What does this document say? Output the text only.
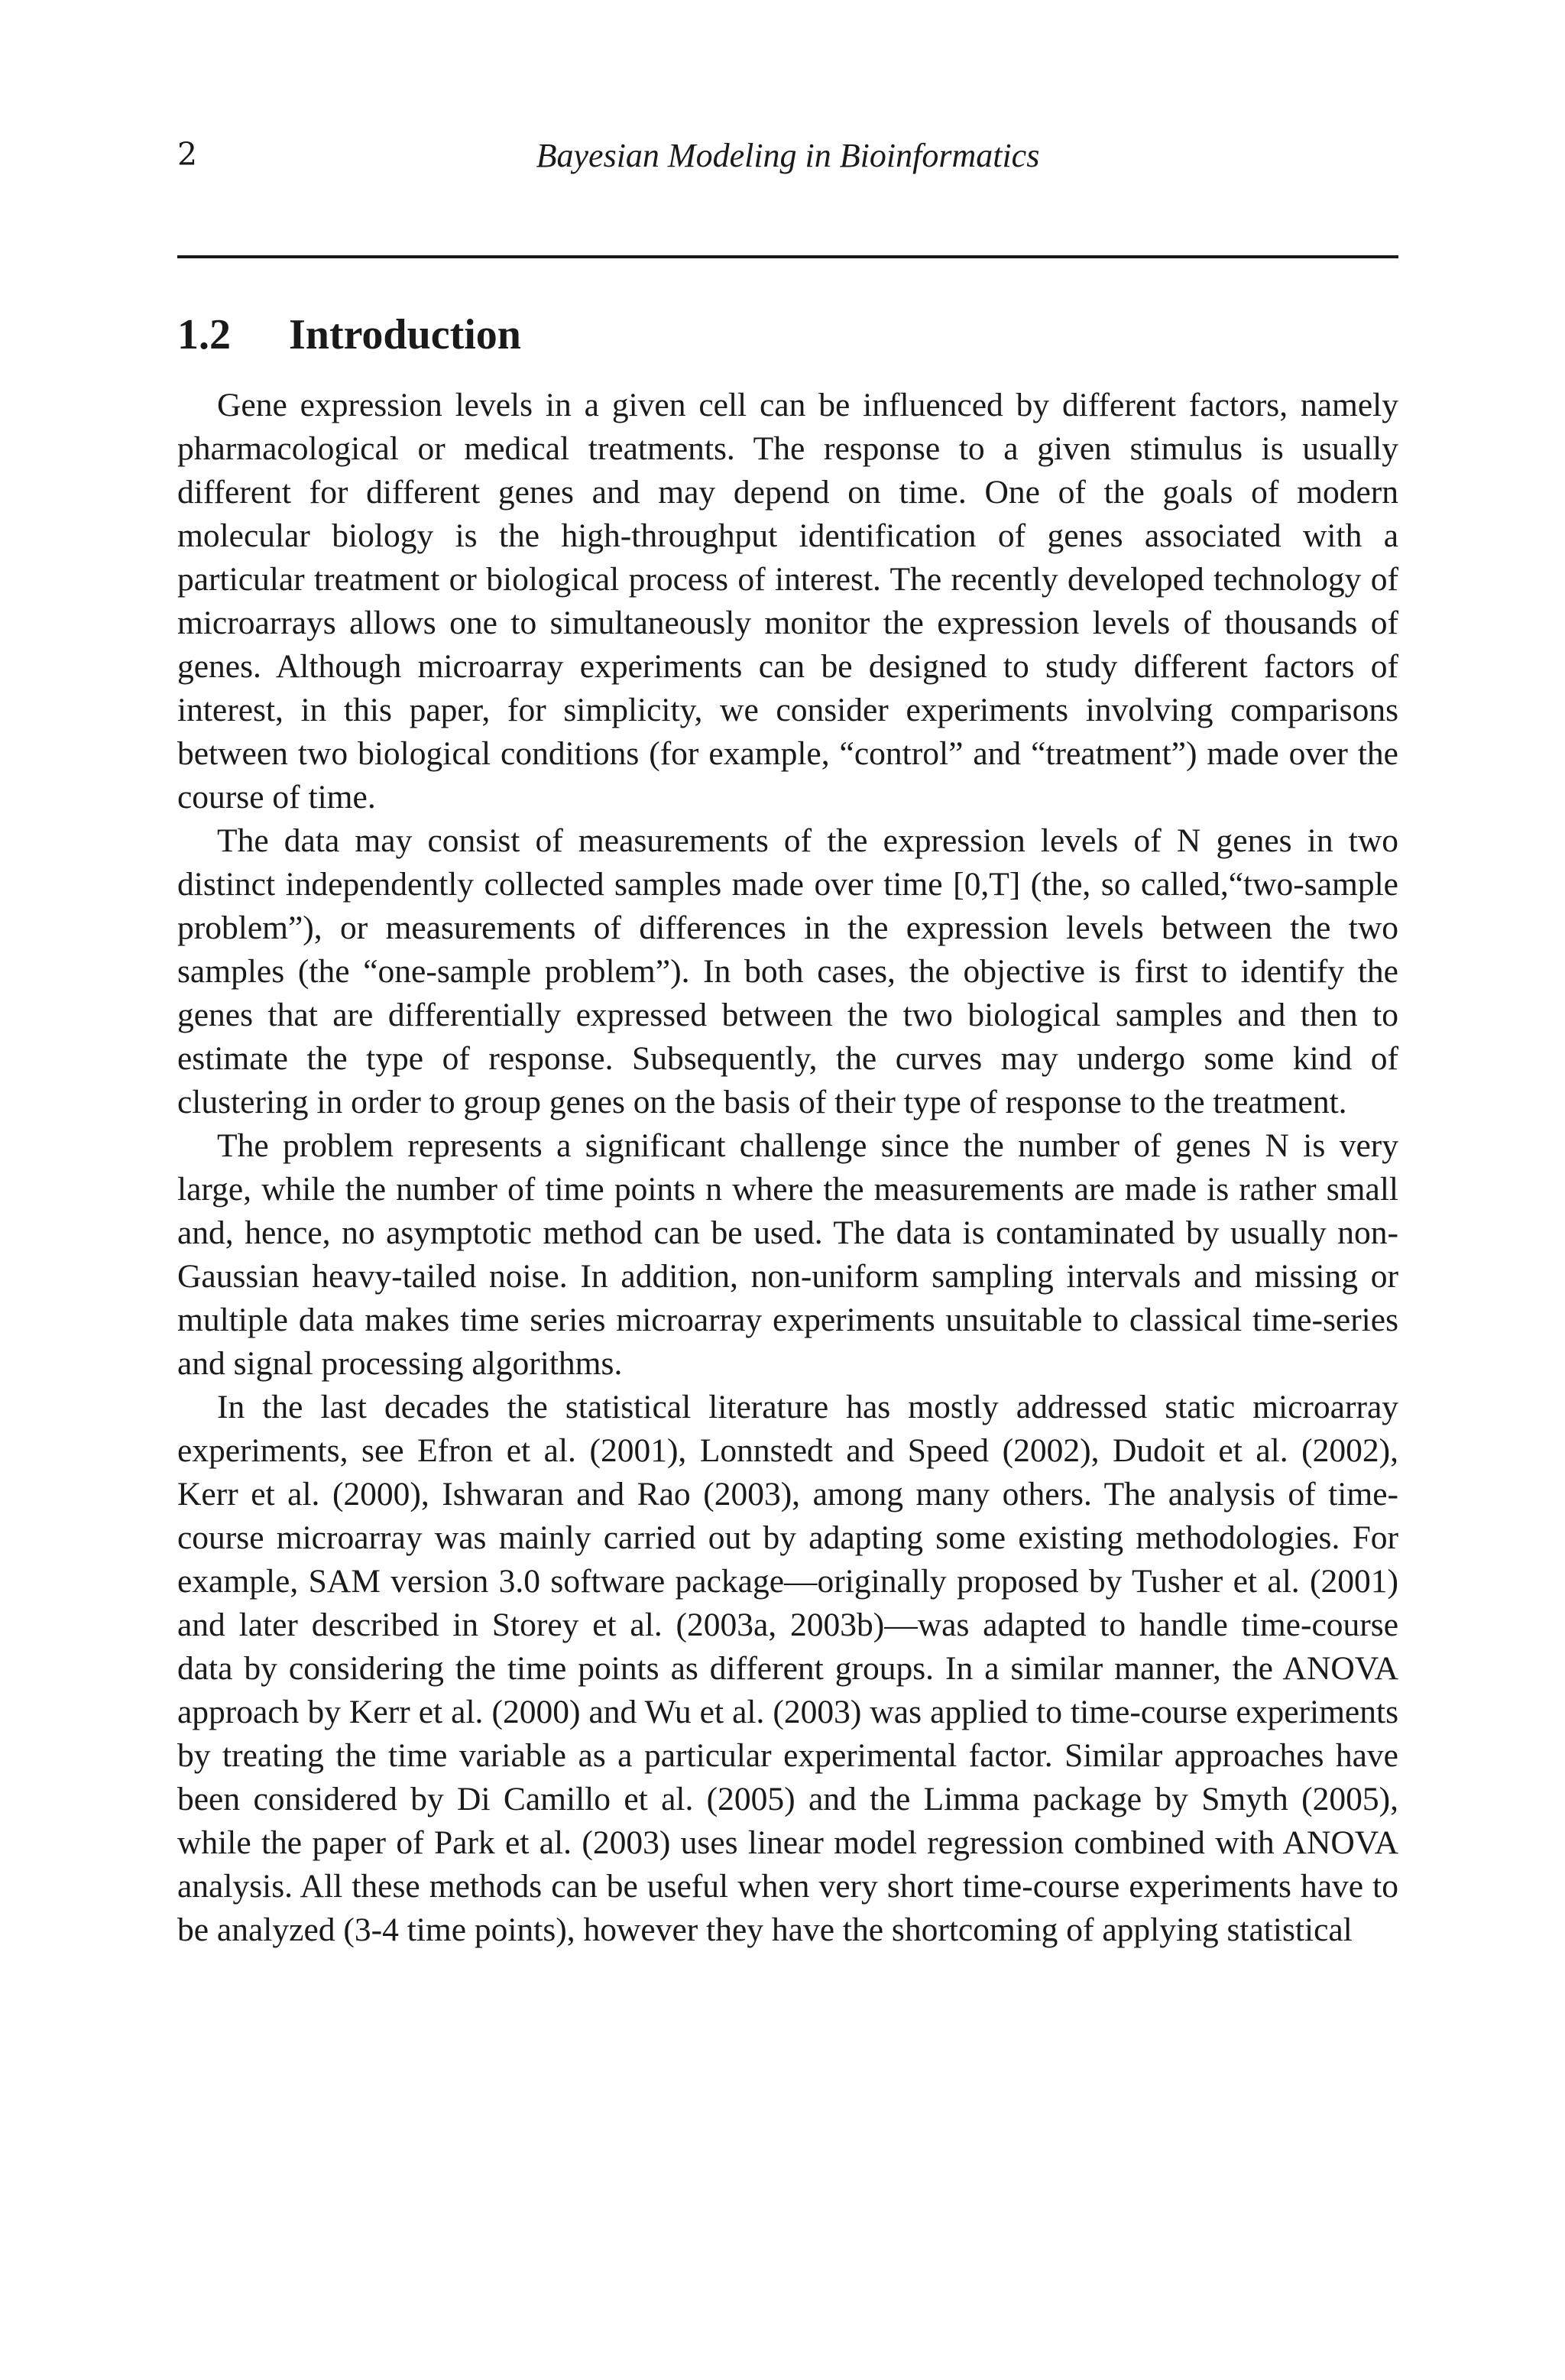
2	Bayesian Modeling in Bioinformatics
1.2 Introduction

Gene expression levels in a given cell can be influenced by different factors, namely pharmacological or medical treatments. The response to a given stimulus is usually different for different genes and may depend on time. One of the goals of modern molecular biology is the high-throughput identification of genes associated with a particular treatment or biological process of interest. The recently developed technology of microarrays allows one to simultaneously monitor the expression levels of thousands of genes. Although microarray experiments can be designed to study different factors of interest, in this paper, for simplicity, we consider experiments involving comparisons between two biological conditions (for example, “control” and “treatment”) made over the course of time.

The data may consist of measurements of the expression levels of N genes in two distinct independently collected samples made over time [0,T] (the, so called,“two-sample problem”), or measurements of differences in the expression levels between the two samples (the “one-sample problem”). In both cases, the objective is first to identify the genes that are differentially expressed between the two biological samples and then to estimate the type of response. Subsequently, the curves may undergo some kind of clustering in order to group genes on the basis of their type of response to the treatment.

The problem represents a significant challenge since the number of genes N is very large, while the number of time points n where the measurements are made is rather small and, hence, no asymptotic method can be used. The data is contaminated by usually non-Gaussian heavy-tailed noise. In addition, non-uniform sampling intervals and missing or multiple data makes time series microarray experiments unsuitable to classical time-series and signal processing algorithms.

In the last decades the statistical literature has mostly addressed static microarray experiments, see Efron et al. (2001), Lonnstedt and Speed (2002), Dudoit et al. (2002), Kerr et al. (2000), Ishwaran and Rao (2003), among many others. The analysis of time-course microarray was mainly carried out by adapting some existing methodologies. For example, SAM version 3.0 software package—originally proposed by Tusher et al. (2001) and later described in Storey et al. (2003a, 2003b)—was adapted to handle time-course data by considering the time points as different groups. In a similar manner, the ANOVA approach by Kerr et al. (2000) and Wu et al. (2003) was applied to time-course experiments by treating the time variable as a particular experimental factor. Similar approaches have been considered by Di Camillo et al. (2005) and the Limma package by Smyth (2005), while the paper of Park et al. (2003) uses linear model regression combined with ANOVA analysis. All these methods can be useful when very short time-course experiments have to be analyzed (3-4 time points), however they have the shortcoming of applying statistical
